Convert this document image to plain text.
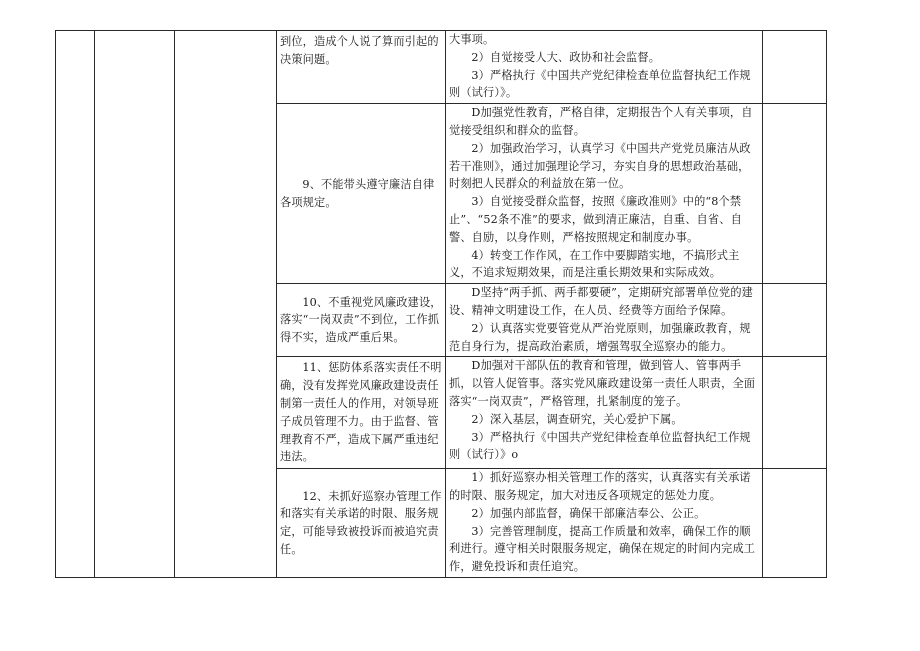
			到位，造成个人说了算而引起的决策问题。	大事项。
2）自觉接受人大、政协和社会监督。
3）严格执行《中国共产党纪律检查单位监督执纪工作规则（试行）》。	

			9、不能带头遵守廉洁自律各项规定。	D加强党性教育，严格自律，定期报告个人有关事项，自觉接受组织和群众的监督。
2）加强政治学习，认真学习《中国共产党党员廉洁从政若干准则》，通过加强理论学习，夯实自身的思想政治基础，时刻把人民群众的利益放在第一位。
3）自觉接受群众监督，按照《廉政准则》中的“8个禁止”、“52条不准”的要求，做到清正廉洁，自重、自省、自警、自励，以身作则，严格按照规定和制度办事。
4）转变工作作风，在工作中要脚踏实地，不搞形式主义，不追求短期效果，而是注重长期效果和实际成效。	

			10、不重视党风廉政建设，落实“一岗双责”不到位，工作抓得不实，造成严重后果。	D坚持“两手抓、两手都要硬”，定期研究部署单位党的建设、精神文明建设工作，在人员、经费等方面给予保障。
2）认真落实党要管党从严治党原则，加强廉政教育，规范自身行为，提高政治素质，增强驾驭全巡察办的能力。	

			11、惩防体系落实责任不明确，没有发挥党风廉政建设责任制第一责任人的作用，对领导班子成员管理不力。由于监督、管理教育不严，造成下属严重违纪违法。	D加强对干部队伍的教育和管理，做到管人、管事两手抓，以管人促管事。落实党风廉政建设第一责任人职责，全面落实“一岗双责”，严格管理，扎紧制度的笼子。
2）深入基层，调查研究，关心爱护下属。
3）严格执行《中国共产党纪律检查单位监督执纪工作规则（试行）》o	

			12、未抓好巡察办管理工作和落实有关承诺的时限、服务规定，可能导致被投诉而被追究责任。	1）抓好巡察办相关管理工作的落实，认真落实有关承诺的时限、服务规定，加大对违反各项规定的惩处力度。
2）加强内部监督，确保干部廉洁奉公、公正。
3）完善管理制度，提高工作质量和效率，确保工作的顺利进行。遵守相关时限服务规定，确保在规定的时间内完成工作，避免投诉和责任追究。	
